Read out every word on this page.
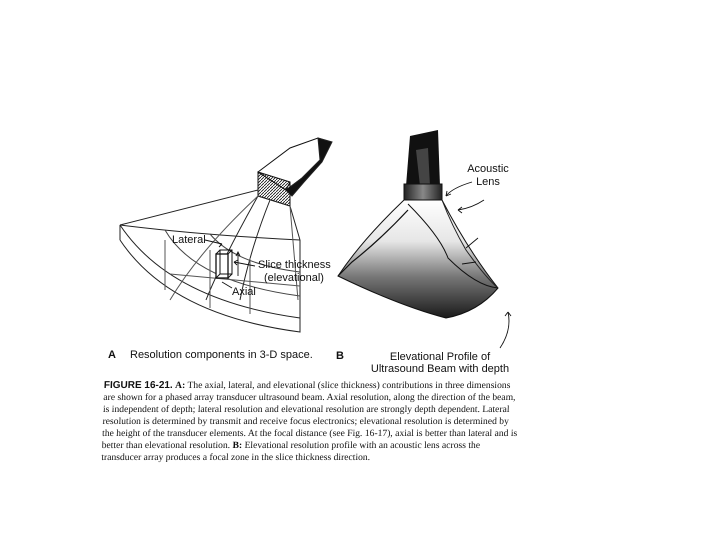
Lateral
Slice thickness
(elevational)
Axial
Acoustic
Lens
A Resolution components in 3-D space. B	Elevational Profile of
Ultrasound Beam with depth
FIGURE 16-21. A: The axial, lateral, and elevational (slice thickness) contributions in three dimensions are shown for a phased array transducer ultrasound beam. Axial resolution, along the direction of the beam, is independent of depth; lateral resolution and elevational resolution are strongly depth dependent. Lateral resolution is determined by transmit and receive focus electronics; elevational resolution is determined by the height of the transducer elements. At the focal distance (see Fig. 16-17), axial is better than lateral and is better than elevational resolution. B: Elevational resolution profile with an acoustic lens across the transducer array produces a focal zone in the slice thickness direction.
